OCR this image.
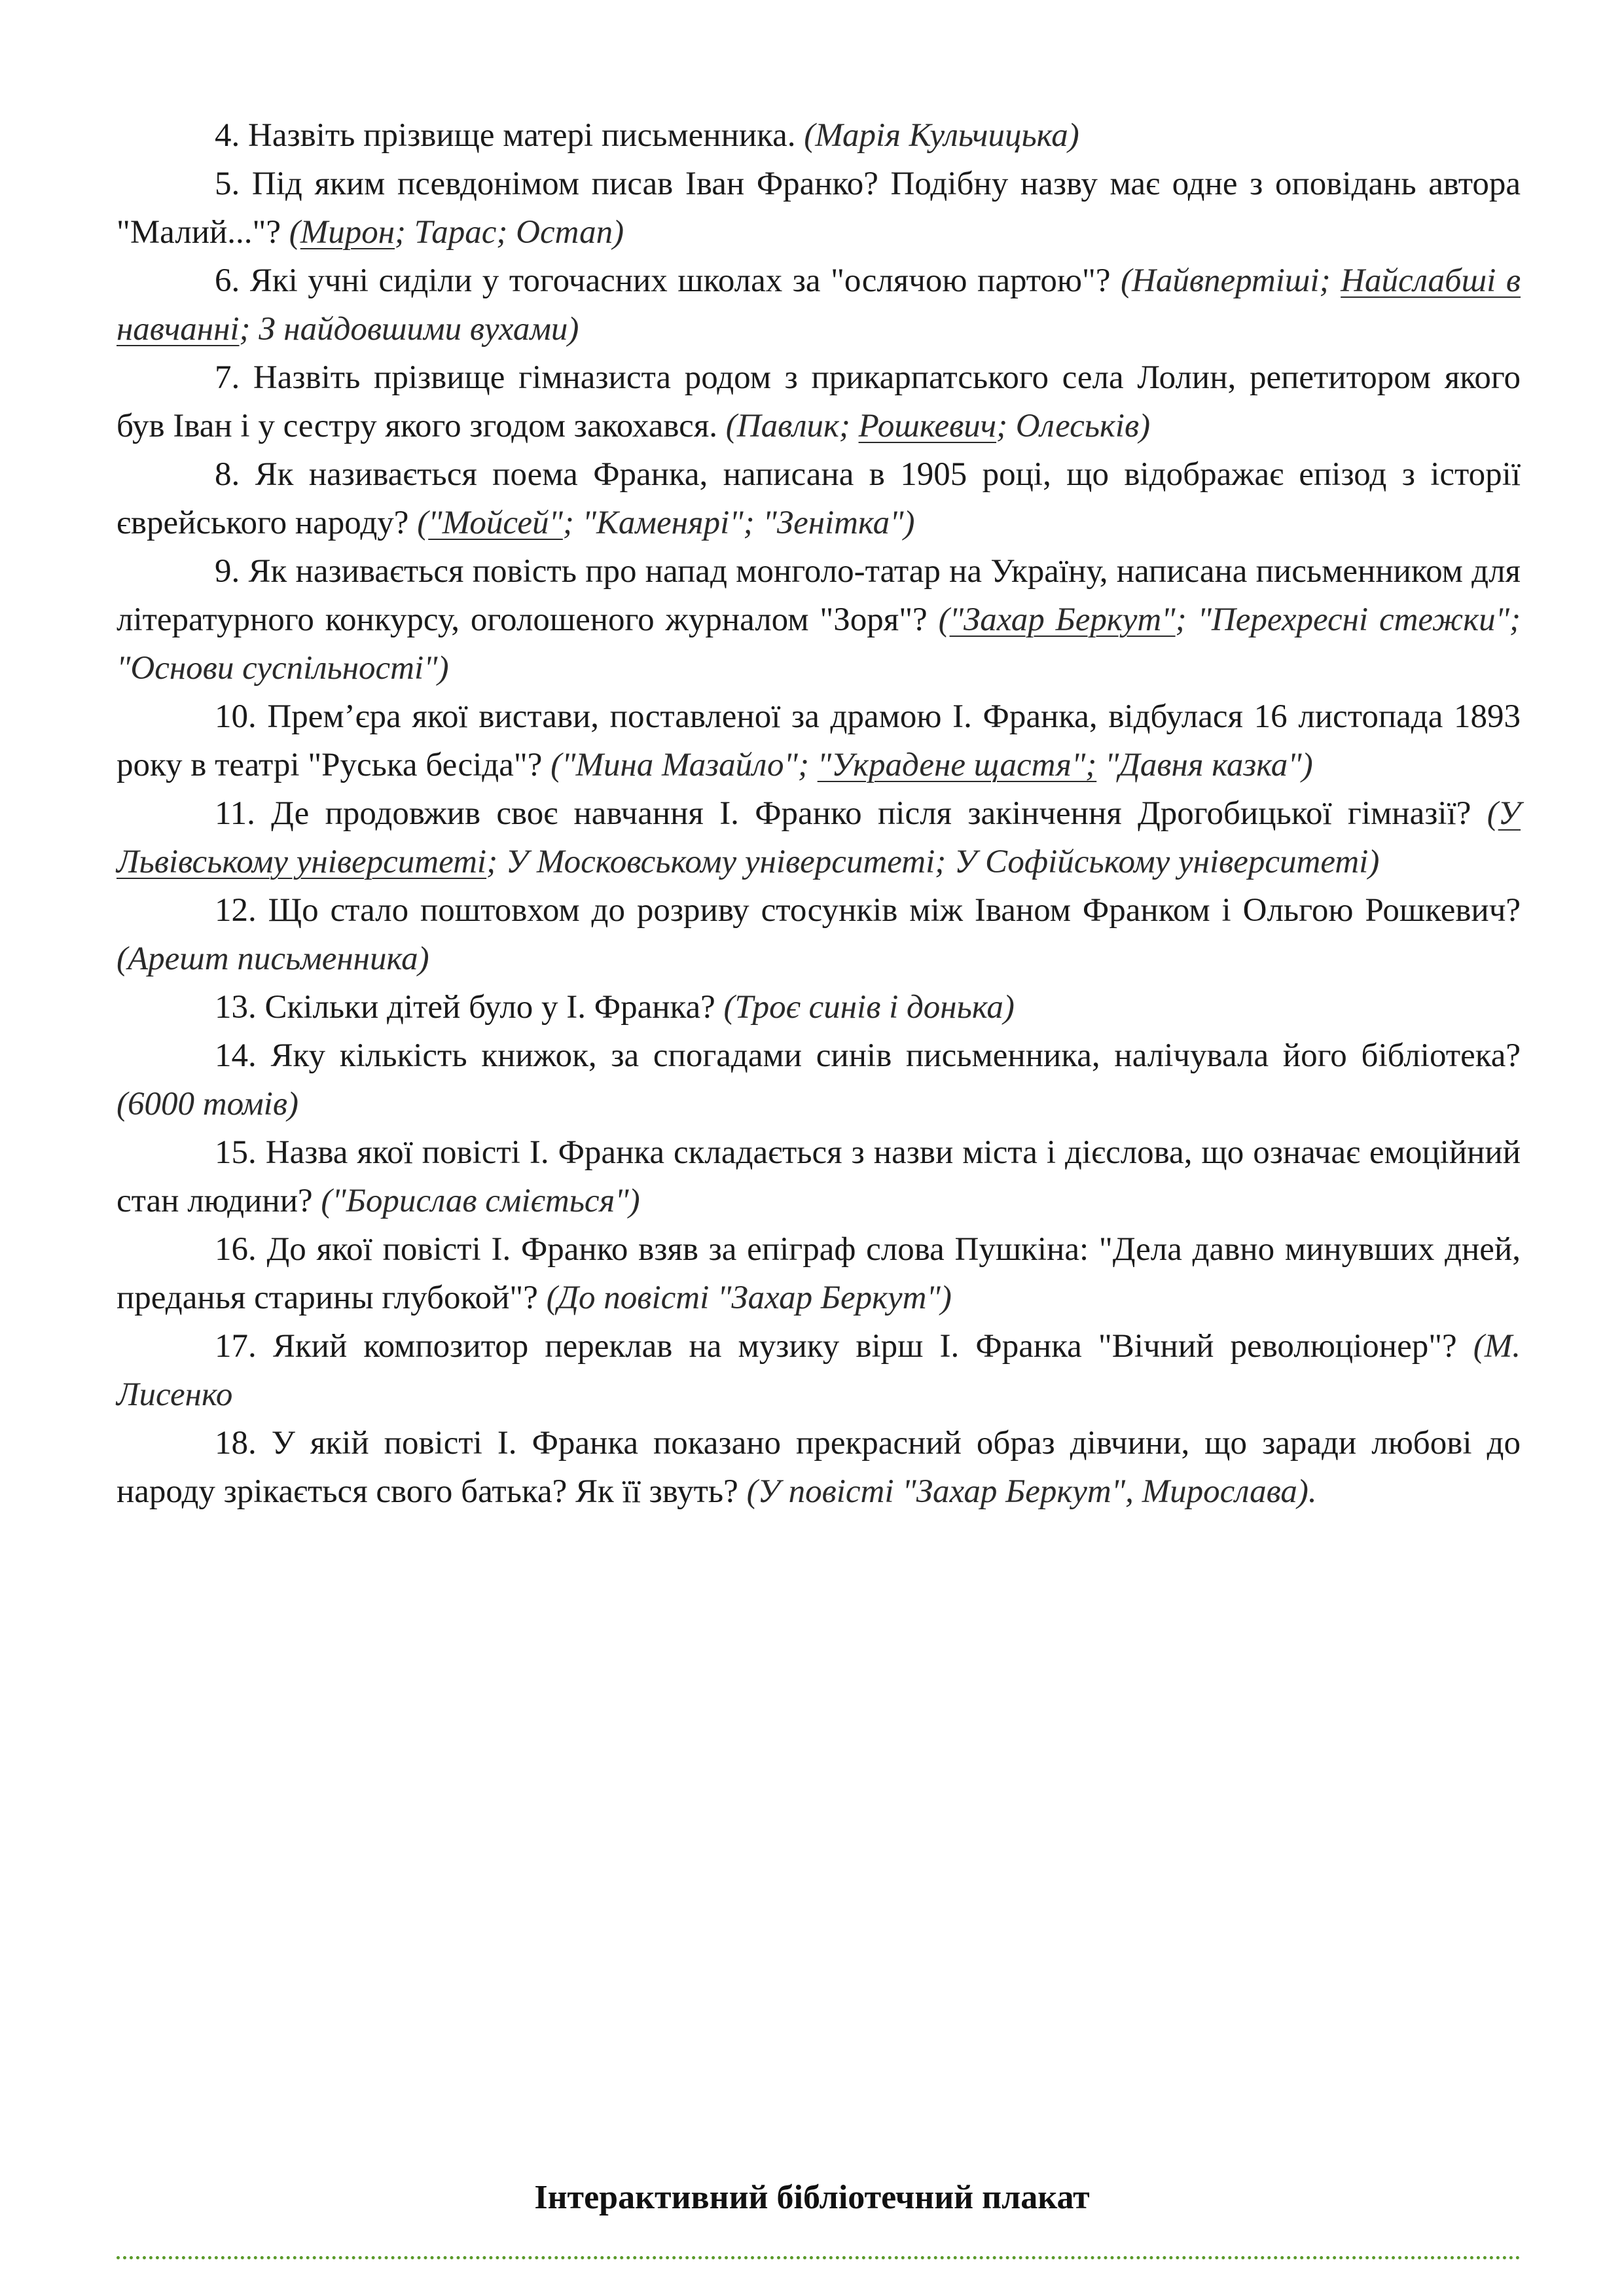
4. Назвіть прізвище матері письменника. (Марія Кульчицька)

5. Під яким псевдонімом писав Іван Франко? Подібну назву має одне з оповідань автора "Малий..."? (Мирон; Тарас; Остап)

6. Які учні сиділи у тогочасних школах за "ослячою партою"? (Найвпертіші; Найслабші в навчанні; З найдовшими вухами)

7. Назвіть прізвище гімназиста родом з прикарпатського села Лолин, репетитором якого був Іван і у сестру якого згодом закохався. (Павлик; Рошкевич; Олеськів)

8. Як називається поема Франка, написана в 1905 році, що відображає епізод з історії єврейського народу? ("Мойсей"; "Каменярі"; "Зенітка")

9. Як називається повість про напад монголо-татар на Україну, написана письменником для літературного конкурсу, оголошеного журналом "Зоря"? ("Захар Беркут"; "Перехресні стежки"; "Основи суспільності")

10. Прем’єра якої вистави, поставленої за драмою І. Франка, відбулася 16 листопада 1893 року в театрі "Руська бесіда"? ("Мина Мазайло"; "Украдене щастя"; "Давня казка")

11. Де продовжив своє навчання І. Франко після закінчення Дрогобицької гімназії? (У Львівському університеті; У Московському університеті; У Софійському університеті)

12. Що стало поштовхом до розриву стосунків між Іваном Франком і Ольгою Рошкевич? (Арешт письменника)

13. Скільки дітей було у І. Франка? (Троє синів і донька)

14. Яку кількість книжок, за спогадами синів письменника, налічувала його бібліотека? (6000 томів)

15. Назва якої повісті І. Франка складається з назви міста і дієслова, що означає емоційний стан людини? ("Борислав сміється")

16. До якої повісті І. Франко взяв за епіграф слова Пушкіна: "Дела давно минувших дней, преданья старины глубокой"? (До повісті "Захар Беркут")

17. Який композитор переклав на музику вірш І. Франка "Вічний революціонер"? (М. Лисенко

18. У якій повісті І. Франка показано прекрасний образ дівчини, що заради любові до народу зрікається свого батька? Як її звуть? (У повісті "Захар Беркут", Мирослава).

Інтерактивний бібліотечний плакат
